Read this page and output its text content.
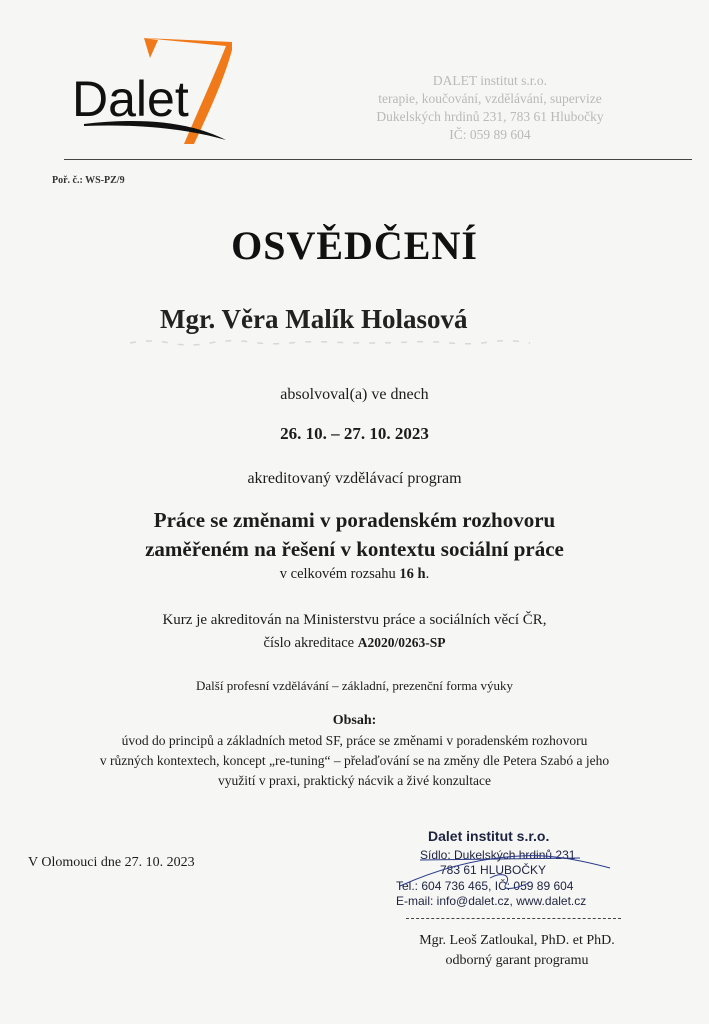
Dalet	DALET institut s.r.o.
terapie, koučování, vzdělávání, supervize
Dukelských hrdinů 231, 783 61 Hlubočky
IČ: 059 89 604
Poř. č.: WS-PZ/9
OSVĚDČENÍ
Mgr. Věra Malík Holasová
absolvoval(a) ve dnech
26. 10. – 27. 10. 2023
akreditovaný vzdělávací program
Práce se změnami v poradenském rozhovoru
zaměřeném na řešení v kontextu sociální práce
v celkovém rozsahu 16 h.
Kurz je akreditován na Ministerstvu práce a sociálních věcí ČR,
číslo akreditace A2020/0263-SP
Další profesní vzdělávání – základní, prezenční forma výuky
Obsah:
úvod do principů a základních metod SF, práce se změnami v poradenském rozhovoru
v různých kontextech, koncept „re-tuning“ – přelaďování se na změny dle Petera Szabó a jeho
využití v praxi, praktický nácvik a živé konzultace
V Olomouci dne 27. 10. 2023
Dalet institut s.r.o.
Sídlo: Dukelských hrdinů 231
783 61 HLUBOČKY
Tel.: 604 736 465, IČ: 059 89 604
E-mail: info@dalet.cz, www.dalet.cz
Mgr. Leoš Zatloukal, PhD. et PhD.
odborný garant programu
